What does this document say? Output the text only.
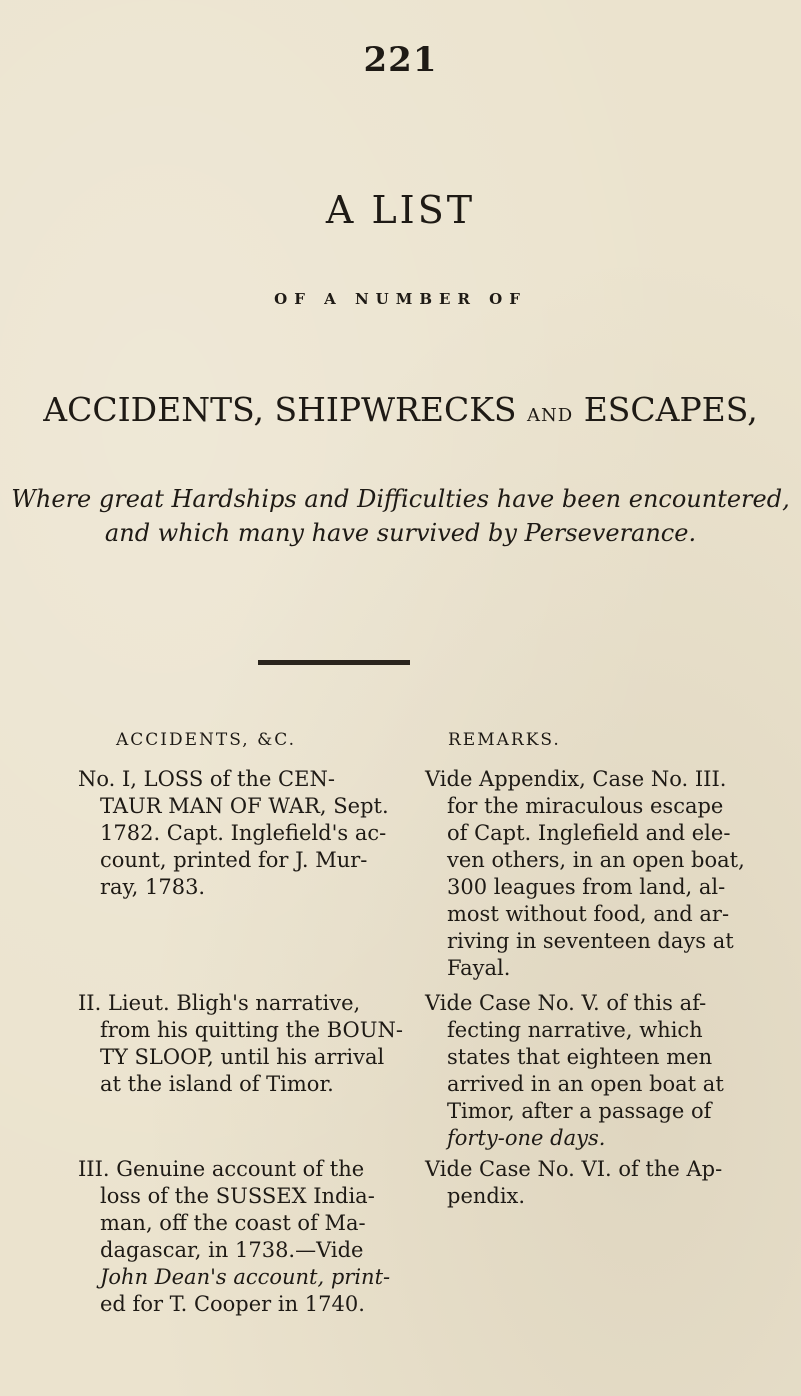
221
A LIST
OF A NUMBER OF
ACCIDENTS, SHIPWRECKS AND ESCAPES,
Where great Hardships and Difficulties have been encountered,
and which many have survived by Perseverance.
ACCIDENTS, &C.	REMARKS.
No. I, LOSS of the CEN-
TAUR MAN OF WAR, Sept.
1782. Capt. Inglefield's ac-
count, printed for J. Mur-
ray, 1783.
Vide Appendix, Case No. III.
for the miraculous escape
of Capt. Inglefield and ele-
ven others, in an open boat,
300 leagues from land, al-
most without food, and ar-
riving in seventeen days at
Fayal.
II. Lieut. Bligh's narrative,
from his quitting the BOUN-
TY SLOOP, until his arrival
at the island of Timor.
Vide Case No. V. of this af-
fecting narrative, which
states that eighteen men
arrived in an open boat at
Timor, after a passage of
forty-one days.
III. Genuine account of the
loss of the SUSSEX India-
man, off the coast of Ma-
dagascar, in 1738.—Vide
John Dean's account, print-
ed for T. Cooper in 1740.
Vide Case No. VI. of the Ap-
pendix.
